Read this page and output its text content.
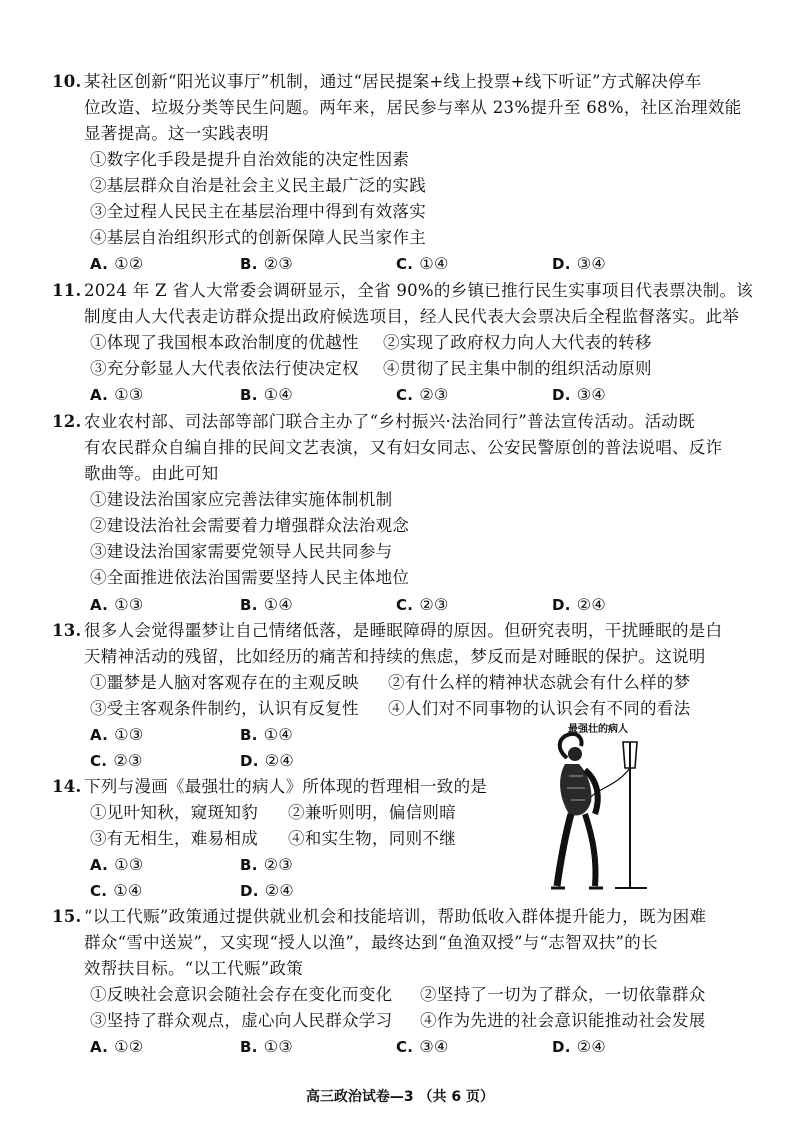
10. 某社区创新“阳光议事厅”机制，通过“居民提案+线上投票+线下听证”方式解决停车
位改造、垃圾分类等民生问题。两年来，居民参与率从 23%提升至 68%，社区治理效能
显著提高。这一实践表明
①数字化手段是提升自治效能的决定性因素
②基层群众自治是社会主义民主最广泛的实践
③全过程人民民主在基层治理中得到有效落实
④基层自治组织形式的创新保障人民当家作主
A. ①②	B. ②③	C. ①④	D. ③④
11. 2024 年 Z 省人大常委会调研显示，全省 90%的乡镇已推行民生实事项目代表票决制。该
制度由人大代表走访群众提出政府候选项目，经人民代表大会票决后全程监督落实。此举
①体现了我国根本政治制度的优越性 ②实现了政府权力向人大代表的转移
③充分彰显人大代表依法行使决定权 ④贯彻了民主集中制的组织活动原则
A. ①③	B. ①④	C. ②③	D. ③④
12. 农业农村部、司法部等部门联合主办了“乡村振兴·法治同行”普法宣传活动。活动既
有农民群众自编自排的民间文艺表演，又有妇女同志、公安民警原创的普法说唱、反诈
歌曲等。由此可知
①建设法治国家应完善法律实施体制机制
②建设法治社会需要着力增强群众法治观念
③建设法治国家需要党领导人民共同参与
④全面推进依法治国需要坚持人民主体地位
A. ①③	B. ①④	C. ②③	D. ②④
13. 很多人会觉得噩梦让自己情绪低落，是睡眠障碍的原因。但研究表明，干扰睡眠的是白
天精神活动的残留，比如经历的痛苦和持续的焦虑，梦反而是对睡眠的保护。这说明
①噩梦是人脑对客观存在的主观反映 ②有什么样的精神状态就会有什么样的梦
③受主客观条件制约，认识有反复性 ④人们对不同事物的认识会有不同的看法
A. ①③	B. ①④
C. ②③	D. ②④
14. 下列与漫画《最强壮的病人》所体现的哲理相一致的是
①见叶知秋，窥斑知豹 ②兼听则明，偏信则暗
③有无相生，难易相成 ④和实生物，同则不继
A. ①③	B. ②③
C. ①④	D. ②④
最强壮的病人
15. “以工代赈”政策通过提供就业机会和技能培训，帮助低收入群体提升能力，既为困难
群众“雪中送炭”，又实现“授人以渔”，最终达到“鱼渔双授”与“志智双扶”的长
效帮扶目标。“以工代赈”政策
①反映社会意识会随社会存在变化而变化 ②坚持了一切为了群众，一切依靠群众
③坚持了群众观点，虚心向人民群众学习 ④作为先进的社会意识能推动社会发展
A. ①②	B. ①③	C. ③④	D. ②④
高三政治试卷—3 （共 6 页）
